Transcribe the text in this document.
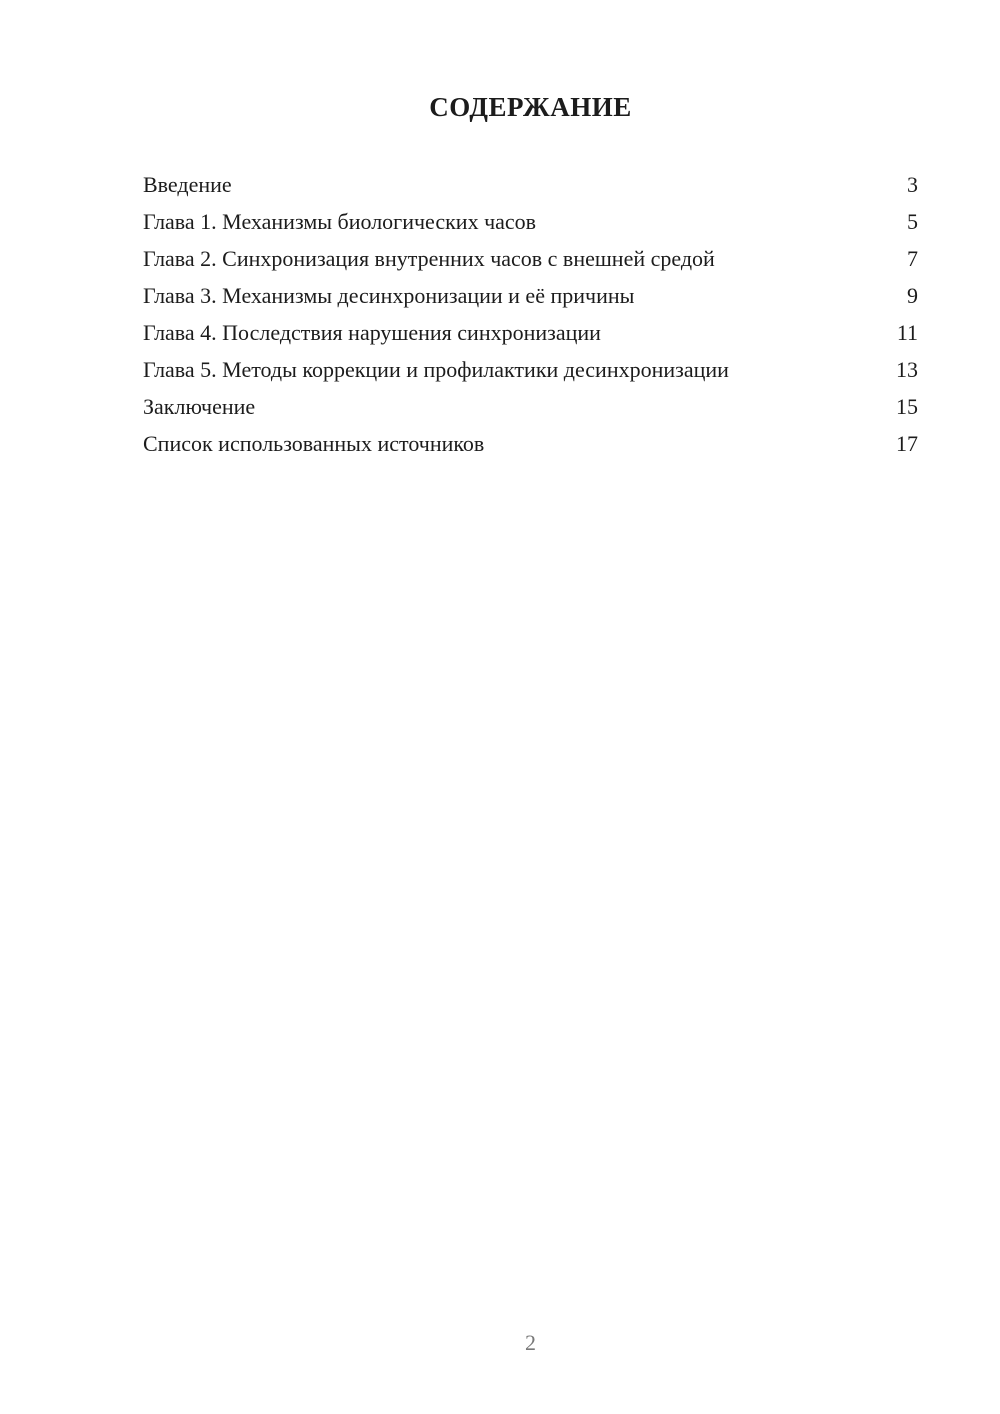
СОДЕРЖАНИЕ
Введение	3
Глава 1. Механизмы биологических часов	5
Глава 2. Синхронизация внутренних часов с внешней средой	7
Глава 3. Механизмы десинхронизации и её причины	9
Глава 4. Последствия нарушения синхронизации	11
Глава 5. Методы коррекции и профилактики десинхронизации	13
Заключение	15
Список использованных источников	17
2
